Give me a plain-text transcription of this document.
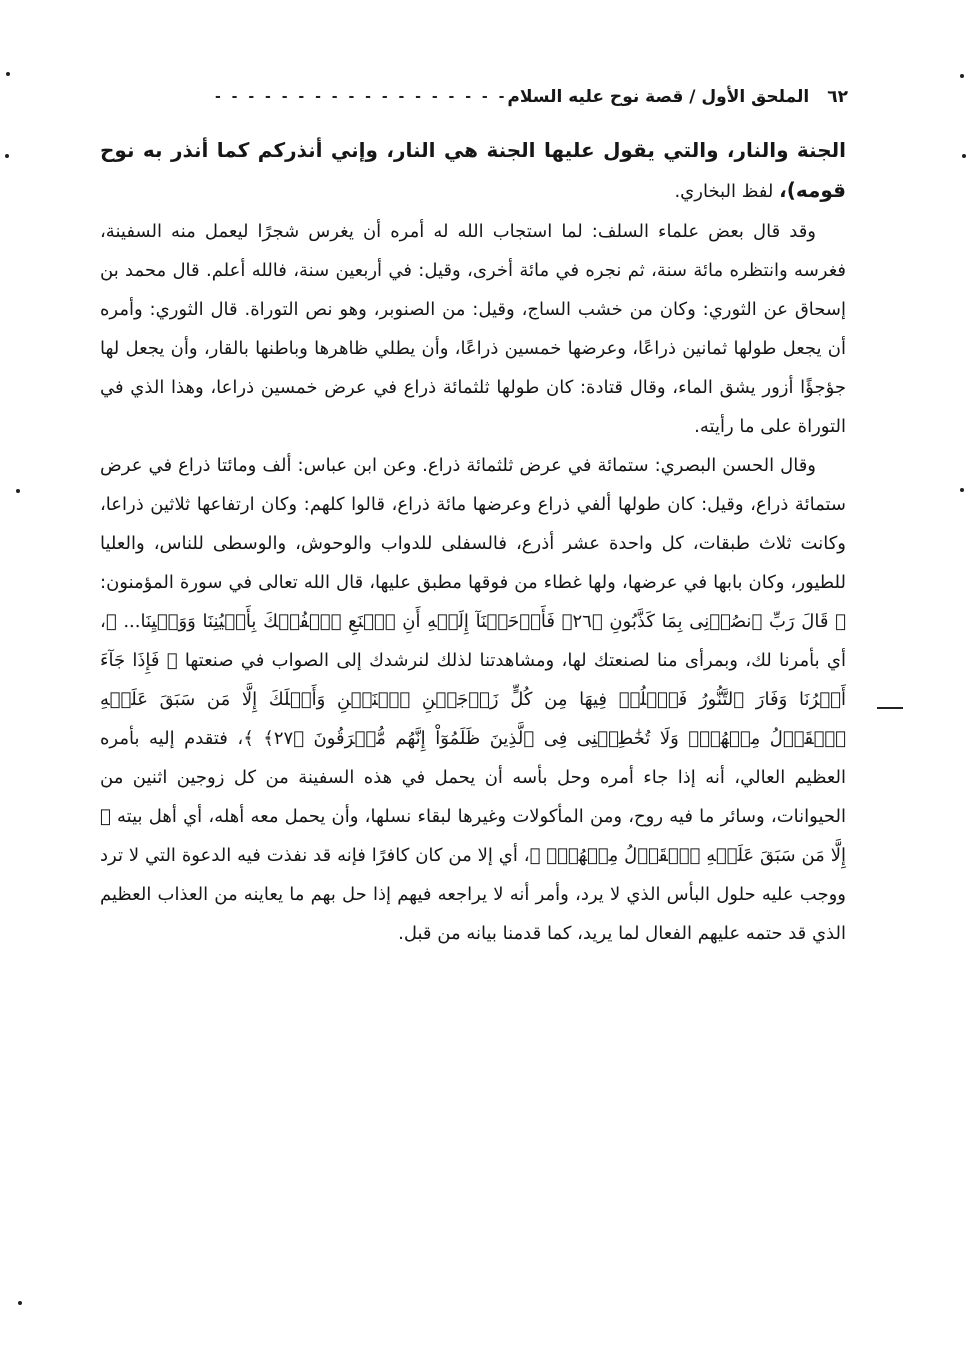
٦٢
الملحق الأول / قصة نوح عليه السلام
- - - - - - - - - - - - - - - - - -

الجنة والنار، والتي يقول عليها الجنة هي النار، وإني أنذركم كما أنذر به نوح قومه)، لفظ البخاري.

وقد قال بعض علماء السلف: لما استجاب الله له أمره أن يغرس شجرًا ليعمل منه السفينة، فغرسه وانتظره مائة سنة، ثم نجره في مائة أخرى، وقيل: في أربعين سنة، فالله أعلم. قال محمد بن إسحاق عن الثوري: وكان من خشب الساج، وقيل: من الصنوبر، وهو نص التوراة. قال الثوري: وأمره أن يجعل طولها ثمانين ذراعًا، وعرضها خمسين ذراعًا، وأن يطلي ظاهرها وباطنها بالقار، وأن يجعل لها جؤجؤًا أزور يشق الماء، وقال قتادة: كان طولها ثلثمائة ذراع في عرض خمسين ذراعا، وهذا الذي في التوراة على ما رأيته.

وقال الحسن البصري: ستمائة في عرض ثلثمائة ذراع. وعن ابن عباس: ألف ومائتا ذراع في عرض ستمائة ذراع، وقيل: كان طولها ألفي ذراع وعرضها مائة ذراع، قالوا كلهم: وكان ارتفاعها ثلاثين ذراعا، وكانت ثلاث طبقات، كل واحدة عشر أذرع، فالسفلى للدواب والوحوش، والوسطى للناس، والعليا للطيور، وكان بابها في عرضها، ولها غطاء من فوقها مطبق عليها، قال الله تعالى في سورة المؤمنون: ﴿ قَالَ رَبِّ ٱنصُرۡنِى بِمَا كَذَّبُونِ ﴿٢٦﴾ فَأَوۡحَيۡنَآ إِلَيۡهِ أَنِ ٱصۡنَعِ ٱلۡفُلۡكَ بِأَعۡيُنِنَا وَوَحۡيِنَا... ﴾، أي بأمرنا لك، وبمرأى منا لصنعتك لها، ومشاهدتنا لذلك لنرشدك إلى الصواب في صنعتها ﴿ فَإِذَا جَآءَ أَمۡرُنَا وَفَارَ ٱلتَّنُّورُ فَٱسۡلُكۡ فِيهَا مِن كُلٍّ زَوۡجَيۡنِ ٱثۡنَيۡنِ وَأَهۡلَكَ إِلَّا مَن سَبَقَ عَلَيۡهِ ٱلۡقَوۡلُ مِنۡهُمۡۖ وَلَا تُخَٰطِبۡنِى فِى ٱلَّذِينَ ظَلَمُوٓاْ إِنَّهُم مُّغۡرَقُونَ ﴿٢٧﴾ ﴾، فتقدم إليه بأمره العظيم العالي، أنه إذا جاء أمره وحل بأسه أن يحمل في هذه السفينة من كل زوجين اثنين من الحيوانات، وسائر ما فيه روح، ومن المأكولات وغيرها لبقاء نسلها، وأن يحمل معه أهله، أي أهل بيته ﴿ إِلَّا مَن سَبَقَ عَلَيۡهِ ٱلۡقَوۡلُ مِنۡهُمۡۖ ﴾، أي إلا من كان كافرًا فإنه قد نفذت فيه الدعوة التي لا ترد ووجب عليه حلول البأس الذي لا يرد، وأمر أنه لا يراجعه فيهم إذا حل بهم ما يعاينه من العذاب العظيم الذي قد حتمه عليهم الفعال لما يريد، كما قدمنا بيانه من قبل.
